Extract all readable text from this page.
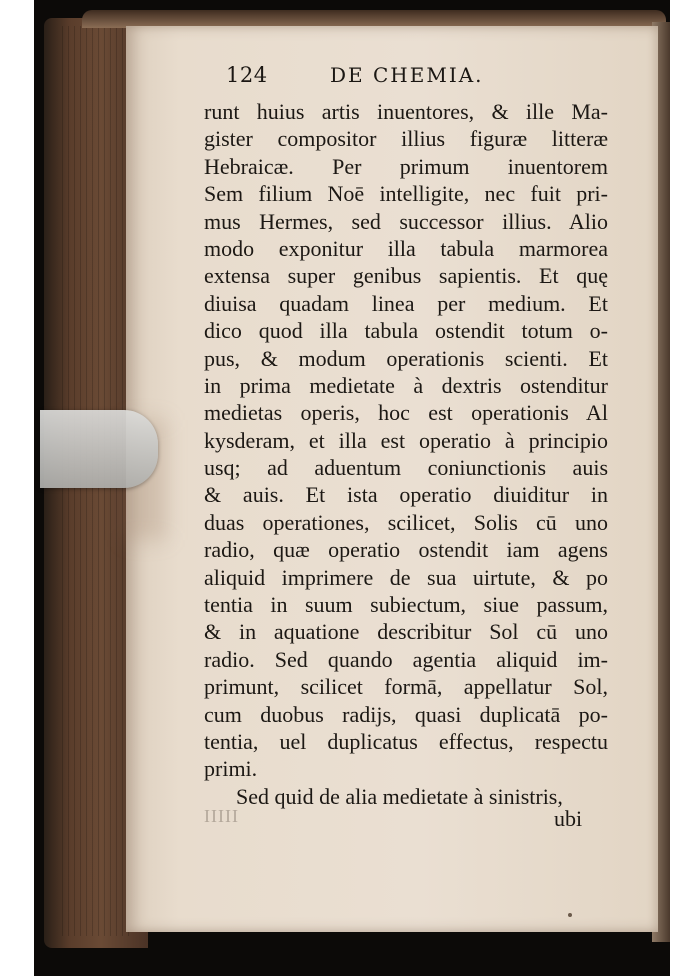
124	DE CHEMIA.
runt huius artis inuentores, & ille Ma-
gister compositor illius figuræ litteræ
Hebraicæ. Per primum inuentorem
Sem filium Noē intelligite, nec fuit pri-
mus Hermes, sed successor illius. Alio
modo exponitur illa tabula marmorea
extensa super genibus sapientis. Et quę
diuisa quadam linea per medium. Et
dico quod illa tabula ostendit totum o-
pus, & modum operationis scienti. Et
in prima medietate à dextris ostenditur
medietas operis, hoc est operationis Al
kysderam, et illa est operatio à principio
usq; ad aduentum coniunctionis auis
& auis. Et ista operatio diuiditur in
duas operationes, scilicet, Solis cū uno
radio, quæ operatio ostendit iam agens
aliquid imprimere de sua uirtute, & po
tentia in suum subiectum, siue passum,
& in aquatione describitur Sol cū uno
radio. Sed quando agentia aliquid im-
primunt, scilicet formā, appellatur Sol,
cum duobus radijs, quasi duplicatā po-
tentia, uel duplicatus effectus, respectu
primi.
Sed quid de alia medietate à sinistris,
IIIII	ubi
